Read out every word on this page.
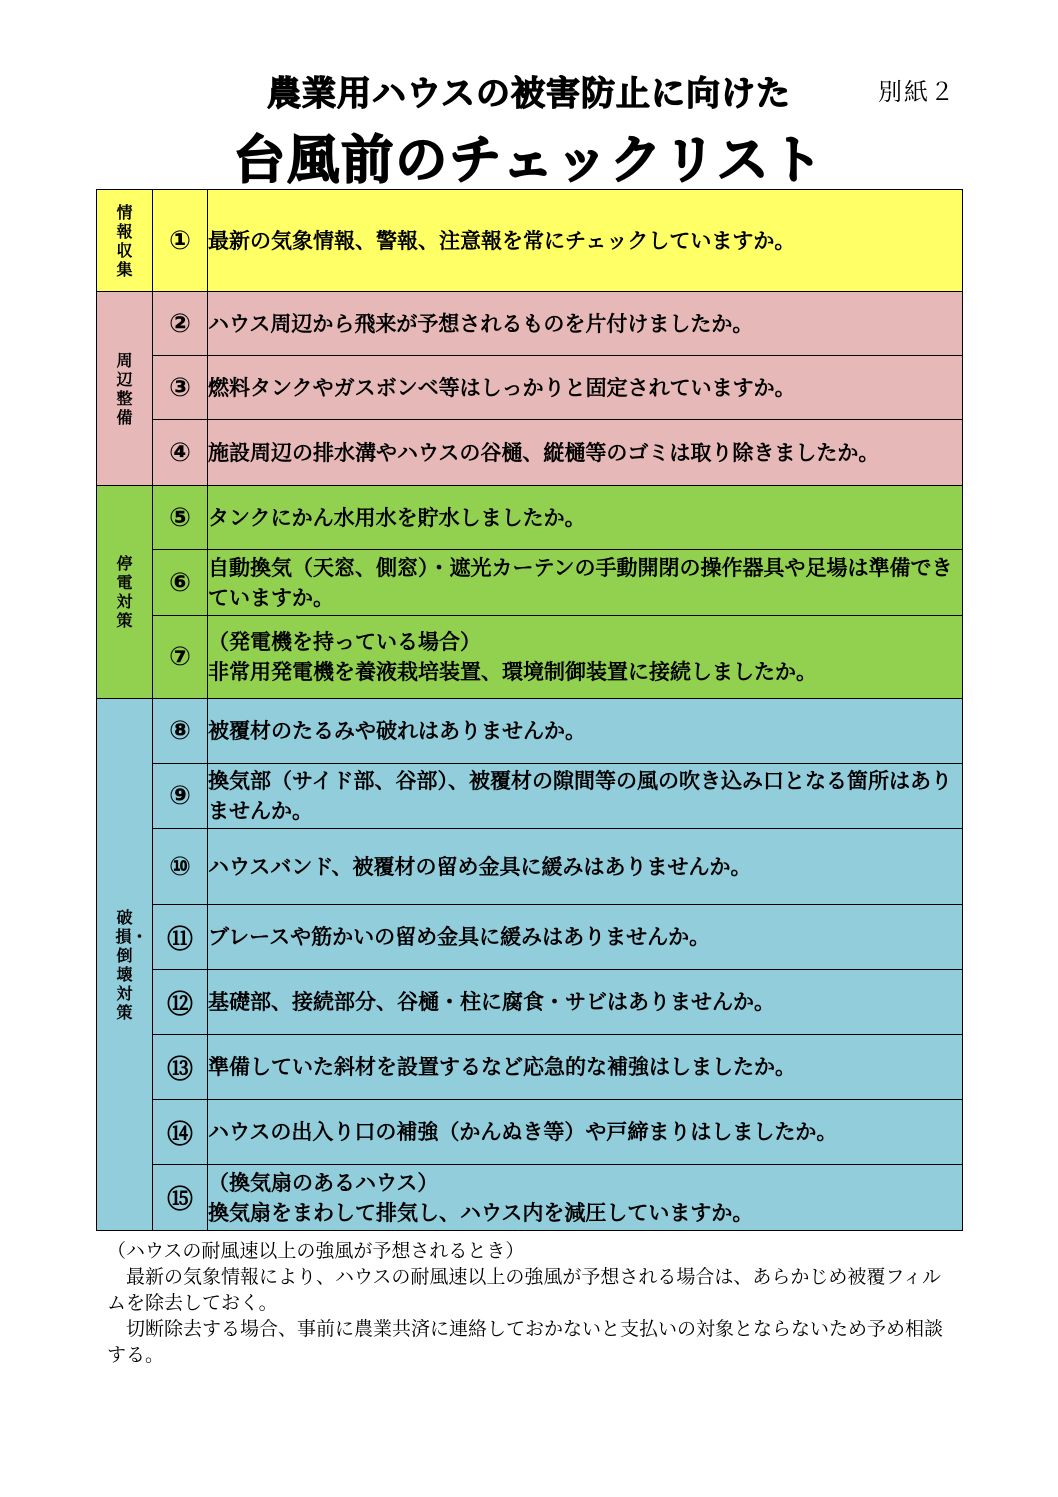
農業用ハウスの被害防止に向けた
台風前のチェックリスト
別紙２
情報収集	①	最新の気象情報、警報、注意報を常にチェックしていますか。
周辺整備	②	ハウス周辺から飛来が予想されるものを片付けましたか。
	③	燃料タンクやガスボンベ等はしっかりと固定されていますか。
	④	施設周辺の排水溝やハウスの谷樋、縦樋等のゴミは取り除きましたか。
停電対策	⑤	タンクにかん水用水を貯水しましたか。
	⑥	自動換気（天窓、側窓）・遮光カーテンの手動開閉の操作器具や足場は準備できていますか。
	⑦	（発電機を持っている場合）
非常用発電機を養液栽培装置、環境制御装置に接続しましたか。

破損・倒壊対策	⑧	被覆材のたるみや破れはありませんか。
	⑨	換気部（サイド部、谷部）、被覆材の隙間等の風の吹き込み口となる箇所はありませんか。
	⑩	ハウスバンド、被覆材の留め金具に緩みはありませんか。
	⑪	ブレースや筋かいの留め金具に緩みはありませんか。
	⑫	基礎部、接続部分、谷樋・柱に腐食・サビはありませんか。
	⑬	準備していた斜材を設置するなど応急的な補強はしましたか。
	⑭	ハウスの出入り口の補強（かんぬき等）や戸締まりはしましたか。
	⑮	（換気扇のあるハウス）
換気扇をまわして排気し、ハウス内を減圧していますか。

（ハウスの耐風速以上の強風が予想されるとき）

　最新の気象情報により、ハウスの耐風速以上の強風が予想される場合は、あらかじめ被覆フィルムを除去しておく。

　切断除去する場合、事前に農業共済に連絡しておかないと支払いの対象とならないため予め相談する。
